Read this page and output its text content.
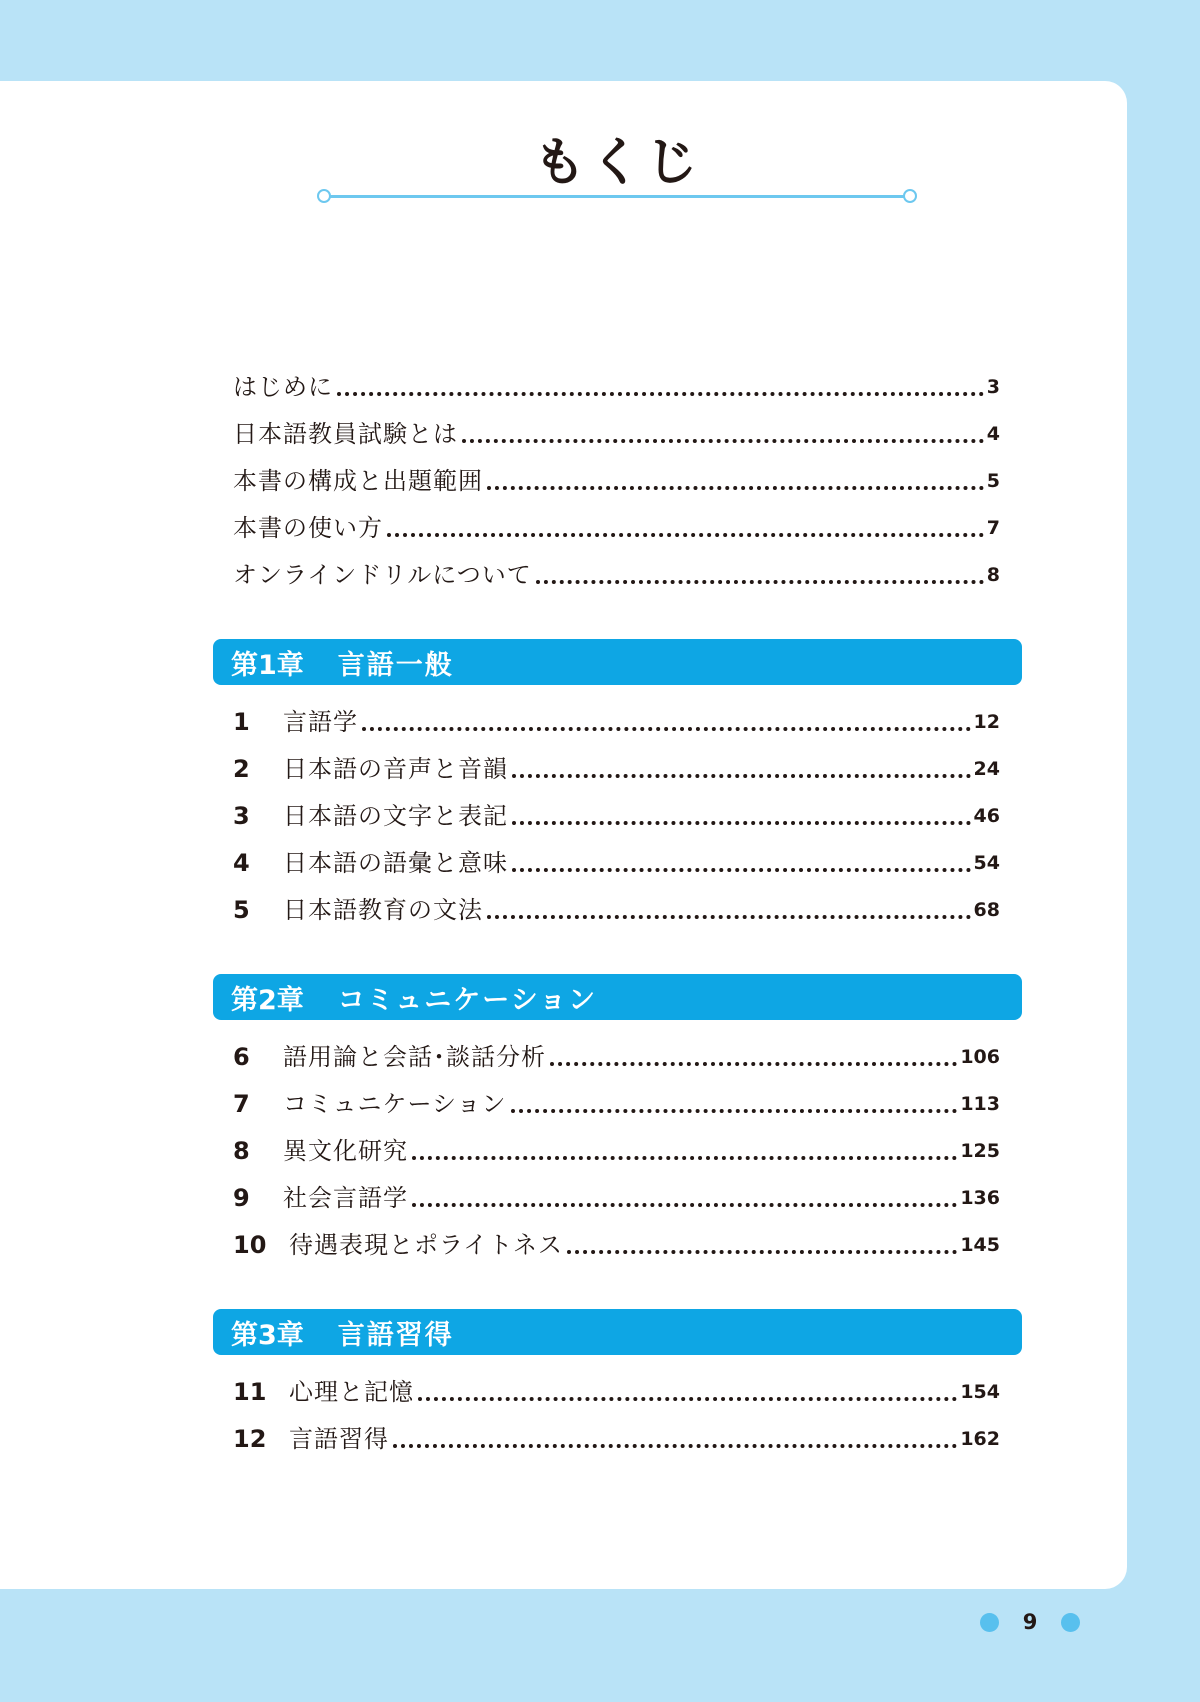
もくじ
はじめに	3
日本語教員試験とは	4
本書の構成と出題範囲	5
本書の使い方	7
オンラインドリルについて	8
第1章 言語一般
1	言語学	12
2	日本語の音声と音韻	24
3	日本語の文字と表記	46
4	日本語の語彙と意味	54
5	日本語教育の文法	68
第2章 コミュニケーション
6	語用論と会話･談話分析	106
7	コミュニケーション	113
8	異文化研究	125
9	社会言語学	136
10 待遇表現とポライトネス	145
第3章 言語習得
11 心理と記憶	154
12 言語習得	162
9
